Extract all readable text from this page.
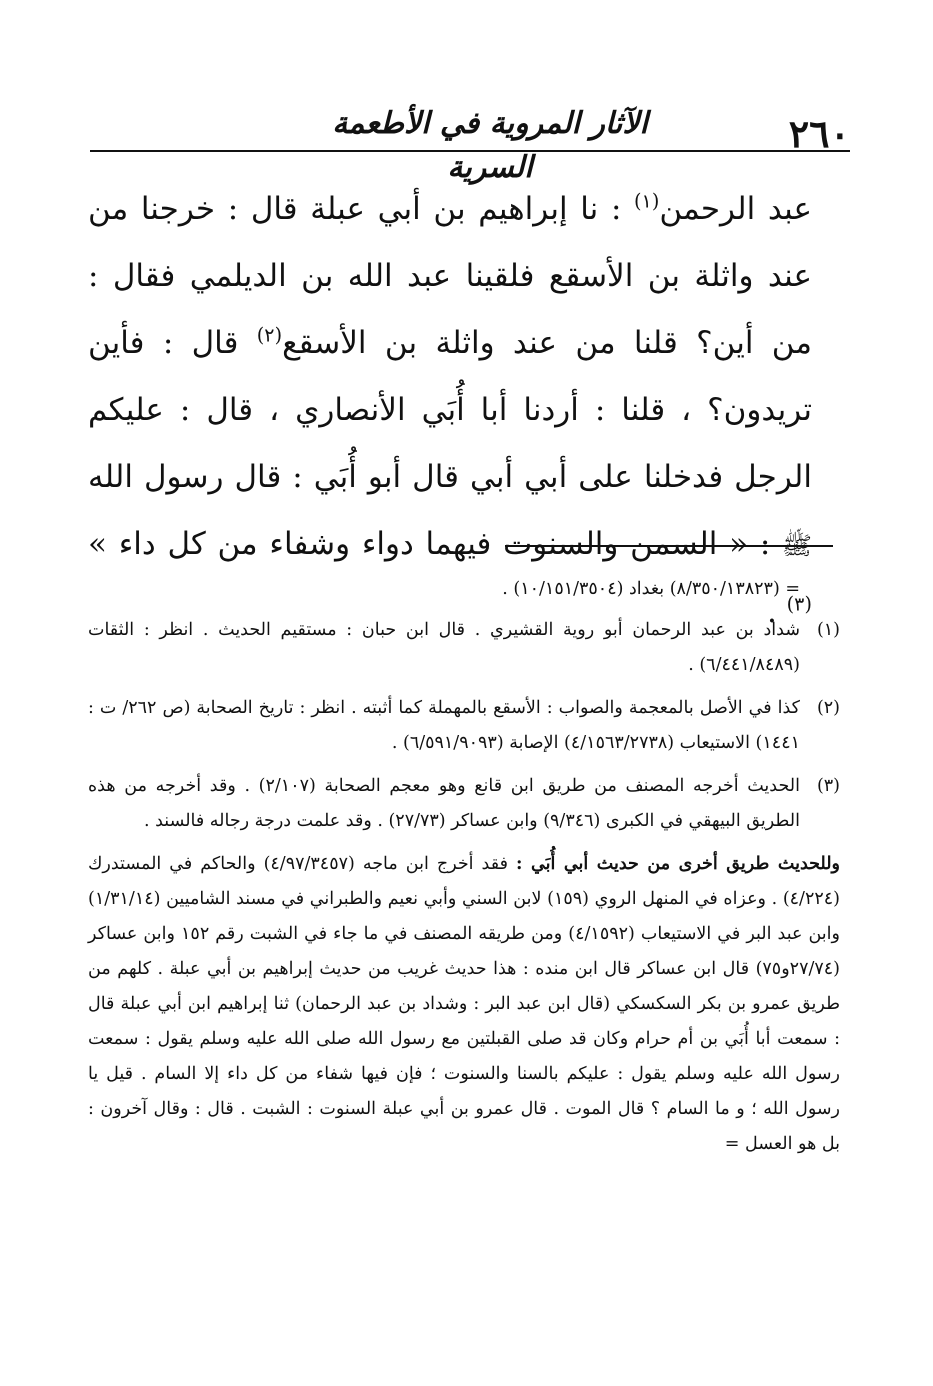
٢٦٠
الآثار المروية في الأطعمة السرية

عبد الرحمن$^{(١)}$ : نا إبراهيم بن أبي عبلة قال : خرجنا من عند واثلة بن الأسقع فلقينا عبد الله بن الديلمي فقال : من أين؟ قلنا من عند واثلة بن الأسقع$^{(٢)}$ قال : فأين تريدون؟ ، قلنا : أردنا أبا أُبَي الأنصاري ، قال : عليكم الرجل فدخلنا على أبي أبي قال أبو أُبَي : قال رسول الله ﷺ : « السمن والسنوت فيهما دواء وشفاء من كل داء » $^{(٣)}$ .

= (٨/٣٥٠/١٣٨٢٣) بغداد (١٠/١٥١/٣٥٠٤) .
(١)
شداد بن عبد الرحمان أبو روية القشيري . قال ابن حبان : مستقيم الحديث . انظر : الثقات (٦/٤٤١/٨٤٨٩) .
(٢)
كذا في الأصل بالمعجمة والصواب : الأسقع بالمهملة كما أثبته . انظر : تاريخ الصحابة (ص ٢٦٢/ ت : ١٤٤١) الاستيعاب (٤/١٥٦٣/٢٧٣٨) الإصابة (٦/٥٩١/٩٠٩٣) .
(٣)
الحديث أخرجه المصنف من طريق ابن قانع وهو معجم الصحابة (٢/١٠٧) . وقد أخرجه من هذه الطريق البيهقي في الكبرى (٩/٣٤٦) وابن عساكر (٢٧/٧٣) . وقد علمت درجة رجاله فالسند .

وللحديث طريق أخرى من حديث أبي أُبَي : فقد أخرج ابن ماجه (٤/٩٧/٣٤٥٧) والحاكم في المستدرك (٤/٢٢٤) . وعزاه في المنهل الروي (١٥٩) لابن السني وأبي نعيم والطبراني في مسند الشاميين (١/٣١/١٤) وابن عبد البر في الاستيعاب (٤/١٥٩٢) ومن طريقه المصنف في ما جاء في الشبت رقم ١٥٢ وابن عساكر (٢٧/٧٤و٧٥) قال ابن عساكر قال ابن منده : هذا حديث غريب من حديث إبراهيم بن أبي عبلة . كلهم من طريق عمرو بن بكر السكسكي (قال ابن عبد البر : وشداد بن عبد الرحمان) ثنا إبراهيم ابن أبي عبلة قال : سمعت أبا أُبَي بن أم حرام وكان قد صلى القبلتين مع رسول الله صلى الله عليه وسلم يقول : سمعت رسول الله عليه وسلم يقول : عليكم بالسنا والسنوت ؛ فإن فيها شفاء من كل داء إلا السام . قيل يا رسول الله ؛ و ما السام ؟ قال الموت . قال عمرو بن أبي عبلة السنوت : الشبت . قال : وقال آخرون : بل هو العسل =
